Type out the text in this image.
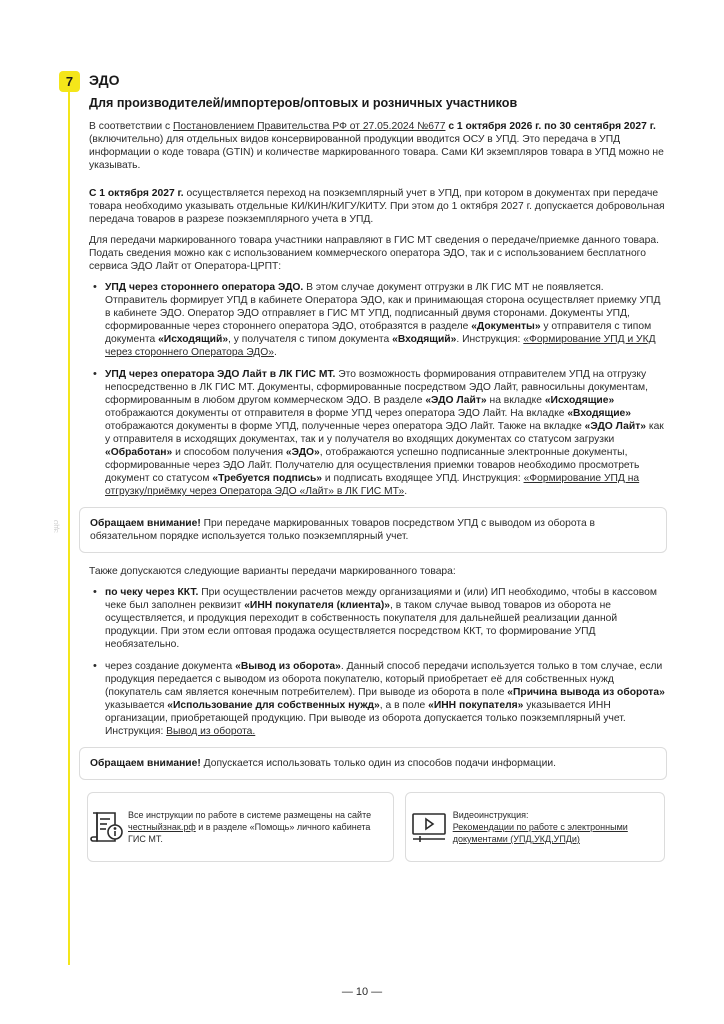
ЭДО
7	ЭДО
Для производителей/импортеров/оптовых и розничных участников

В соответствии с Постановлением Правительства РФ от 27.05.2024 №677 с 1 октября 2026 г. по 30 сентября 2027 г. (включительно) для отдельных видов консервированной продукции вводится ОСУ в УПД. Это передача в УПД информации о коде товара (GTIN) и количестве маркированного товара. Сами КИ экземпляров товара в УПД можно не указывать.

С 1 октября 2027 г. осуществляется переход на поэкземплярный учет в УПД, при котором в документах при передаче товара необходимо указывать отдельные КИ/КИН/КИГУ/КИТУ. При этом до 1 октября 2027 г. допускается добровольная передача товаров в разрезе поэкземплярного учета в УПД.

Для передачи маркированного товара участники направляют в ГИС МТ сведения о передаче/приемке данного товара. Подать сведения можно как с использованием коммерческого оператора ЭДО, так и с использованием бесплатного сервиса ЭДО Лайт от Оператора-ЦРПТ:

• УПД через стороннего оператора ЭДО. В этом случае документ отгрузки в ЛК ГИС МТ не появляется. Отправитель формирует УПД в кабинете Оператора ЭДО, как и принимающая сторона осуществляет приемку УПД в кабинете ЭДО. Оператор ЭДО отправляет в ГИС МТ УПД, подписанный двумя сторонами. Документы УПД, сформированные через стороннего оператора ЭДО, отобразятся в разделе «Документы» у отправителя с типом документа «Исходящий», у получателя с типом документа «Входящий». Инструкция: «Формирование УПД и УКД через стороннего Оператора ЭДО».
• УПД через оператора ЭДО Лайт в ЛК ГИС МТ. Это возможность формирования отправителем УПД на отгрузку непосредственно в ЛК ГИС МТ. Документы, сформированные посредством ЭДО Лайт, равносильны документам, сформированным в любом другом коммерческом ЭДО. В разделе «ЭДО Лайт» на вкладке «Исходящие» отображаются документы от отправителя в форме УПД через оператора ЭДО Лайт. На вкладке «Входящие» отображаются документы в форме УПД, полученные через оператора ЭДО Лайт. Также на вкладке «ЭДО Лайт» как у отправителя в исходящих документах, так и у получателя во входящих документах со статусом загрузки «Обработан» и способом получения «ЭДО», отображаются успешно подписанные электронные документы, сформированные через ЭДО Лайт. Получателю для осуществления приемки товаров необходимо просмотреть документ со статусом «Требуется подпись» и подписать входящее УПД. Инструкция: «Формирование УПД на отгрузку/приёмку через Оператора ЭДО «Лайт» в ЛК ГИС МТ».
Обращаем внимание! При передаче маркированных товаров посредством УПД с выводом из оборота в обязательном порядке используется только поэкземплярный учет.

Также допускаются следующие варианты передачи маркированного товара:

• по чеку через ККТ. При осуществлении расчетов между организациями и (или) ИП необходимо, чтобы в кассовом чеке был заполнен реквизит «ИНН покупателя (клиента)», в таком случае вывод товаров из оборота не осуществляется, и продукция переходит в собственность покупателя для дальнейшей реализации данной продукции. При этом если оптовая продажа осуществляется посредством ККТ, то формирование УПД необязательно.
• через создание документа «Вывод из оборота». Данный способ передачи используется только в том случае, если продукция передается с выводом из оборота покупателю, который приобретает её для собственных нужд (покупатель сам является конечным потребителем). При выводе из оборота в поле «Причина вывода из оборота» указывается «Использование для собственных нужд», а в поле «ИНН покупателя» указывается ИНН организации, приобретающей продукцию. При выводе из оборота допускается только поэкземплярный учет. Инструкция: Вывод из оборота.
Обращаем внимание! Допускается использовать только один из способов подачи информации.
Все инструкции по работе в системе размещены на сайте честныйзнак.рф и в разделе «Помощь» личного кабинета ГИС МТ.
Видеоинструкция:
Рекомендации по работе с электронными документами (УПД,УКД,УПДи)
— 10 —
